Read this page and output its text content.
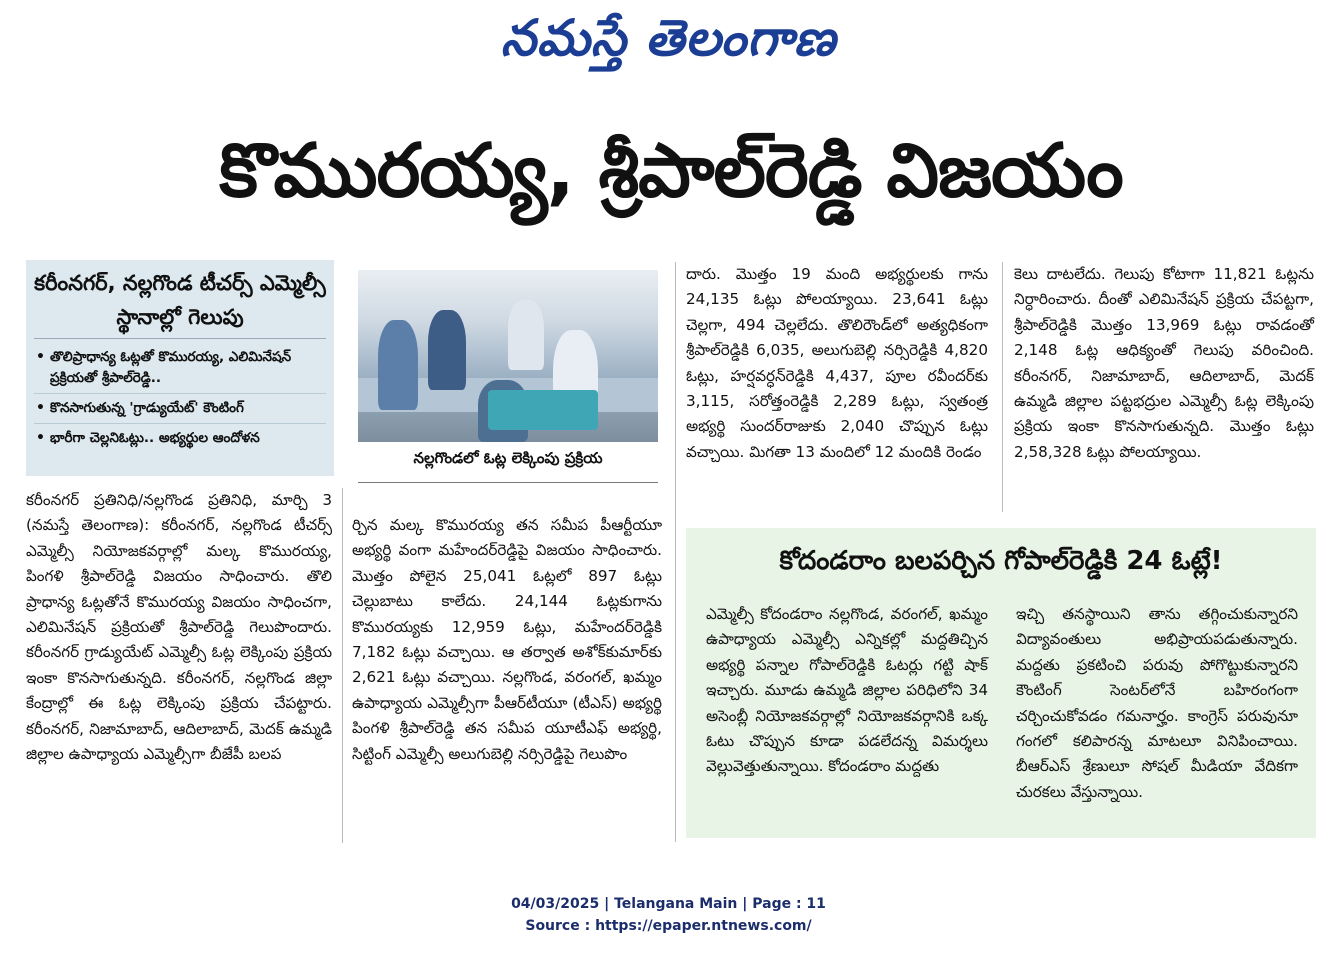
నమస్తే తెలంగాణ
కొమురయ్య, శ్రీపాల్‌రెడ్డి విజయం
కరీంనగర్‌, నల్లగొండ టీచర్స్‌ ఎమ్మెల్సీ స్థానాల్లో గెలుపు
• తొలిప్రాధాన్య ఓట్లతో కొమురయ్య, ఎలిమినేషన్‌ ప్రక్రియతో శ్రీపాల్‌రెడ్డి..
• కొనసాగుతున్న 'గ్రాడ్యుయేట్‌' కౌంటింగ్‌
• భారీగా చెల్లనిఓట్లు.. అభ్యర్థుల ఆందోళన
నల్లగొండలో ఓట్ల లెక్కింపు ప్రక్రియ

కరీంనగర్‌ ప్రతినిధి/నల్లగొండ ప్రతినిధి, మార్చి 3 (నమస్తే తెలంగాణ): కరీంనగర్‌, నల్లగొండ టీచర్స్‌ ఎమ్మెల్సీ నియోజకవర్గాల్లో మల్క కొమురయ్య, పింగళి శ్రీపాల్‌రెడ్డి విజయం సాధించారు. తొలి ప్రాధాన్య ఓట్లతోనే కొమురయ్య విజయం సాధించగా, ఎలిమినేషన్‌ ప్రక్రియతో శ్రీపాల్‌రెడ్డి గెలుపొందారు. కరీంనగర్‌ గ్రాడ్యుయేట్‌ ఎమ్మెల్సీ ఓట్ల లెక్కింపు ప్రక్రియ ఇంకా కొనసాగుతున్నది. కరీంనగర్‌, నల్లగొండ జిల్లా కేంద్రాల్లో ఈ ఓట్ల లెక్కింపు ప్రక్రియ చేపట్టారు. కరీంనగర్‌, నిజామాబాద్‌, ఆదిలాబాద్‌, మెదక్‌ ఉమ్మడి జిల్లాల ఉపాధ్యాయ ఎమ్మెల్సీగా బీజేపీ బలప

ర్చిన మల్క కొమురయ్య తన సమీప పీఆర్టీయూ అభ్యర్థి వంగా మహేందర్‌రెడ్డిపై విజయం సాధించారు. మొత్తం పోలైన 25,041 ఓట్లలో 897 ఓట్లు చెల్లుబాటు కాలేదు. 24,144 ఓట్లకుగాను కొమురయ్యకు 12,959 ఓట్లు, మహేందర్‌రెడ్డికి 7,182 ఓట్లు వచ్చాయి. ఆ తర్వాత అశోక్‌కుమార్‌కు 2,621 ఓట్లు వచ్చాయి. నల్లగొండ, వరంగల్‌, ఖమ్మం ఉపాధ్యాయ ఎమ్మెల్సీగా పీఆర్‌టీయూ (టీఎస్‌) అభ్యర్థి పింగళి శ్రీపాల్‌రెడ్డి తన సమీప యూటీఎఫ్‌ అభ్యర్థి, సిట్టింగ్‌ ఎమ్మెల్సీ అలుగుబెల్లి నర్సిరెడ్డిపై గెలుపొం

దారు. మొత్తం 19 మంది అభ్యర్థులకు గాను 24,135 ఓట్లు పోలయ్యాయి. 23,641 ఓట్లు చెల్లగా, 494 చెల్లలేదు. తొలిరౌండ్‌లో అత్యధికంగా శ్రీపాల్‌రెడ్డికి 6,035, అలుగుబెల్లి నర్సిరెడ్డికి 4,820 ఓట్లు, హర్షవర్ధన్‌రెడ్డికి 4,437, పూల రవీందర్‌కు 3,115, సరోత్తంరెడ్డికి 2,289 ఓట్లు, స్వతంత్ర అభ్యర్థి సుందర్‌రాజుకు 2,040 చొప్పున ఓట్లు వచ్చాయి. మిగతా 13 మందిలో 12 మందికి రెండం

కెలు దాటలేదు. గెలుపు కోటాగా 11,821 ఓట్లను నిర్ధారించారు. దీంతో ఎలిమినేషన్‌ ప్రక్రియ చేపట్టగా, శ్రీపాల్‌రెడ్డికి మొత్తం 13,969 ఓట్లు రావడంతో 2,148 ఓట్ల ఆధిక్యంతో గెలుపు వరించింది. కరీంనగర్‌, నిజామాబాద్‌, ఆదిలాబాద్‌, మెదక్‌ ఉమ్మడి జిల్లాల పట్టభద్రుల ఎమ్మెల్సీ ఓట్ల లెక్కింపు ప్రక్రియ ఇంకా కొనసాగుతున్నది. మొత్తం ఓట్లు 2,58,328 ఓట్లు పోలయ్యాయి.

కోదండరాం బలపర్చిన గోపాల్‌రెడ్డికి 24 ఓట్లే!
ఎమ్మెల్సీ కోదండరాం నల్లగొండ, వరంగల్‌, ఖమ్మం ఉపాధ్యాయ ఎమ్మెల్సీ ఎన్నికల్లో మద్దతిచ్చిన అభ్యర్థి పన్నాల గోపాల్‌రెడ్డికి ఓటర్లు గట్టి షాక్‌ ఇచ్చారు. మూడు ఉమ్మడి జిల్లాల పరిధిలోని 34 అసెంబ్లీ నియోజకవర్గాల్లో నియోజకవర్గానికి ఒక్క ఓటు చొప్పున కూడా పడలేదన్న విమర్శలు వెల్లువెత్తుతున్నాయి. కోదండరాం మద్దతు
ఇచ్చి తనస్థాయిని తాను తగ్గించుకున్నారని విద్యావంతులు అభిప్రాయపడుతున్నారు. మద్దతు ప్రకటించి పరువు పోగొట్టుకున్నారని కౌంటింగ్‌ సెంటర్‌లోనే బహిరంగంగా చర్చించుకోవడం గమనార్హం. కాంగ్రెస్‌ పరువునూ గంగలో కలిపారన్న మాటలూ వినిపించాయి. బీఆర్‌ఎస్‌ శ్రేణులూ సోషల్‌ మీడియా వేదికగా చురకలు వేస్తున్నాయి.
04/03/2025 | Telangana Main | Page : 11
Source : https://epaper.ntnews.com/
